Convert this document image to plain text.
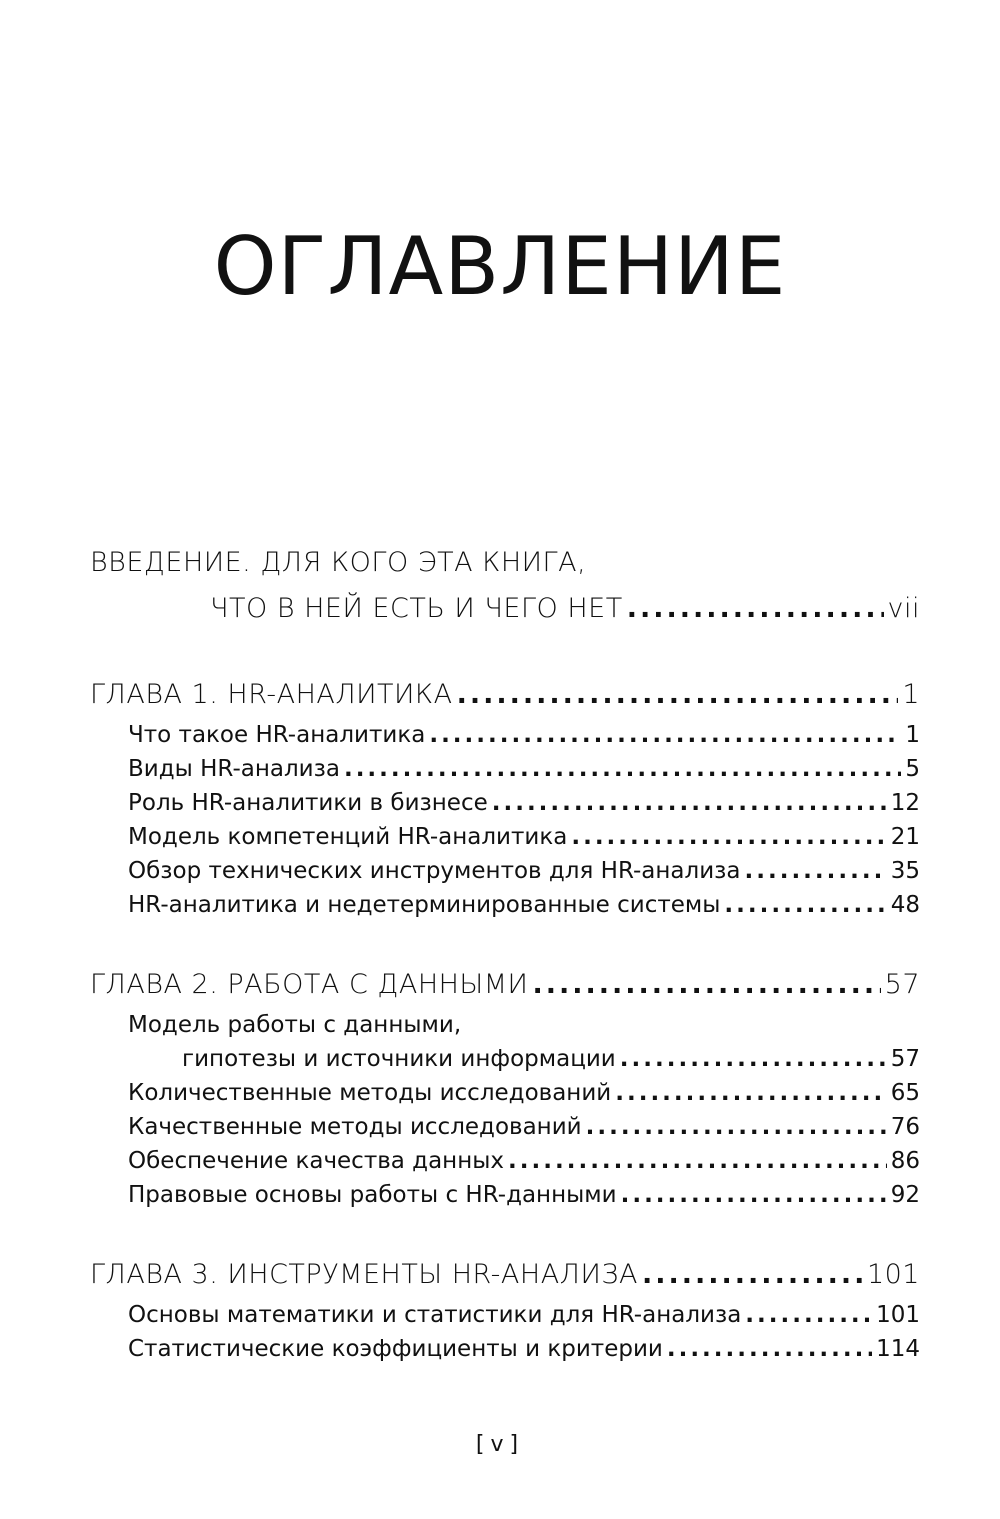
ОГЛАВЛЕНИЕ
ВВЕДЕНИЕ. ДЛЯ КОГО ЭТА КНИГА,
ЧТО В НЕЙ ЕСТЬ И ЧЕГО НЕТ .....	vii
ГЛАВА 1. HR-АНАЛИТИКА .....	1
Что такое HR-аналитика .....	1
Виды HR-анализа .....	5
Роль HR-аналитики в бизнесе .....	12
Модель компетенций HR-аналитика .....	21
Обзор технических инструментов для HR-анализа .....	35
HR-аналитика и недетерминированные системы .....	48
ГЛАВА 2. РАБОТА С ДАННЫМИ .....	57
Модель работы с данными,
гипотезы и источники информации .....	57
Количественные методы исследований .....	65
Качественные методы исследований .....	76
Обеспечение качества данных .....	86
Правовые основы работы с HR-данными .....	92
ГЛАВА 3. ИНСТРУМЕНТЫ HR-АНАЛИЗА .....	101
Основы математики и статистики для HR-анализа .....	101
Статистические коэффициенты и критерии .....	114
[v]
